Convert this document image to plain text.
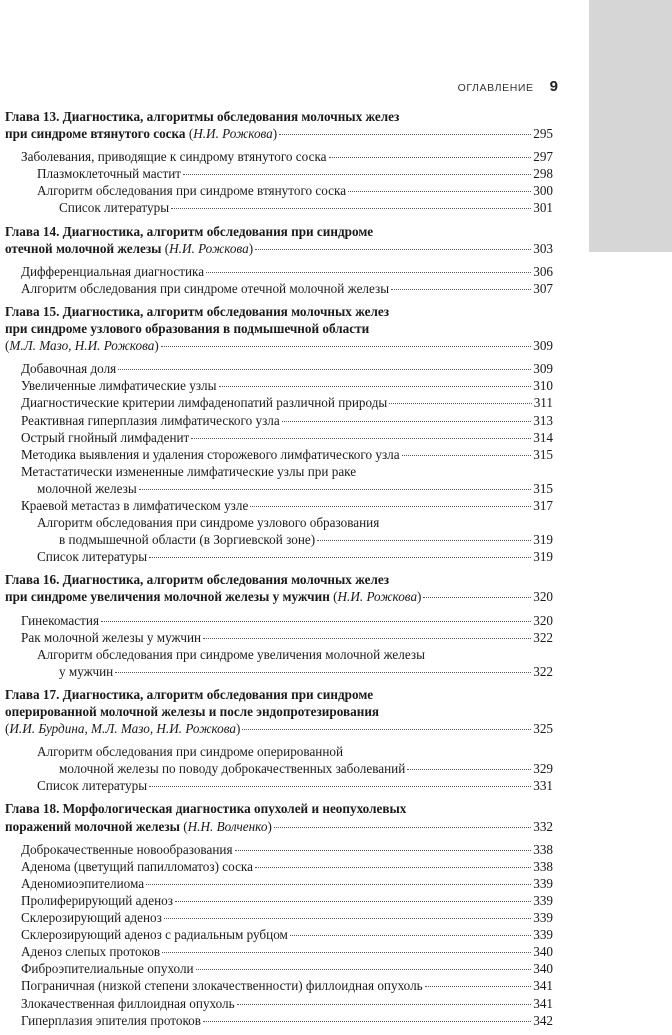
ОГЛАВЛЕНИЕ 9
Глава 13. Диагностика, алгоритмы обследования молочных желез
при синдроме втянутого соска (Н.И. Рожкова)	295
Заболевания, приводящие к синдрому втянутого соска	297
Плазмоклеточный мастит	298
Алгоритм обследования при синдроме втянутого соска	300
Список литературы	301
Глава 14. Диагностика, алгоритм обследования при синдроме
отечной молочной железы (Н.И. Рожкова)	303
Дифференциальная диагностика	306
Алгоритм обследования при синдроме отечной молочной железы	307
Глава 15. Диагностика, алгоритм обследования молочных желез
при синдроме узлового образования в подмышечной области
(М.Л. Мазо, Н.И. Рожкова)	309
Добавочная доля	309
Увеличенные лимфатические узлы	310
Диагностические критерии лимфаденопатий различной природы	311
Реактивная гиперплазия лимфатического узла	313
Острый гнойный лимфаденит	314
Методика выявления и удаления сторожевого лимфатического узла	315
Метастатически измененные лимфатические узлы при раке
молочной железы	315
Краевой метастаз в лимфатическом узле	317
Алгоритм обследования при синдроме узлового образования
в подмышечной области (в Зоргиевской зоне)	319
Список литературы	319
Глава 16. Диагностика, алгоритм обследования молочных желез
при синдроме увеличения молочной железы у мужчин (Н.И. Рожкова)	320
Гинекомастия	320
Рак молочной железы у мужчин	322
Алгоритм обследования при синдроме увеличения молочной железы
у мужчин	322
Глава 17. Диагностика, алгоритм обследования при синдроме
оперированной молочной железы и после эндопротезирования
(И.И. Бурдина, М.Л. Мазо, Н.И. Рожкова)	325
Алгоритм обследования при синдроме оперированной
молочной железы по поводу доброкачественных заболеваний	329
Список литературы	331
Глава 18. Морфологическая диагностика опухолей и неопухолевых
поражений молочной железы (Н.Н. Волченко)	332
Доброкачественные новообразования	338
Аденома (цветущий папилломатоз) соска	338
Аденомиоэпителиома	339
Пролиферирующий аденоз	339
Склерозирующий аденоз	339
Склерозирующий аденоз с радиальным рубцом	339
Аденоз слепых протоков	340
Фиброэпителиальные опухоли	340
Пограничная (низкой степени злокачественности) филлоидная опухоль	341
Злокачественная филлоидная опухоль	341
Гиперплазия эпителия протоков	342
